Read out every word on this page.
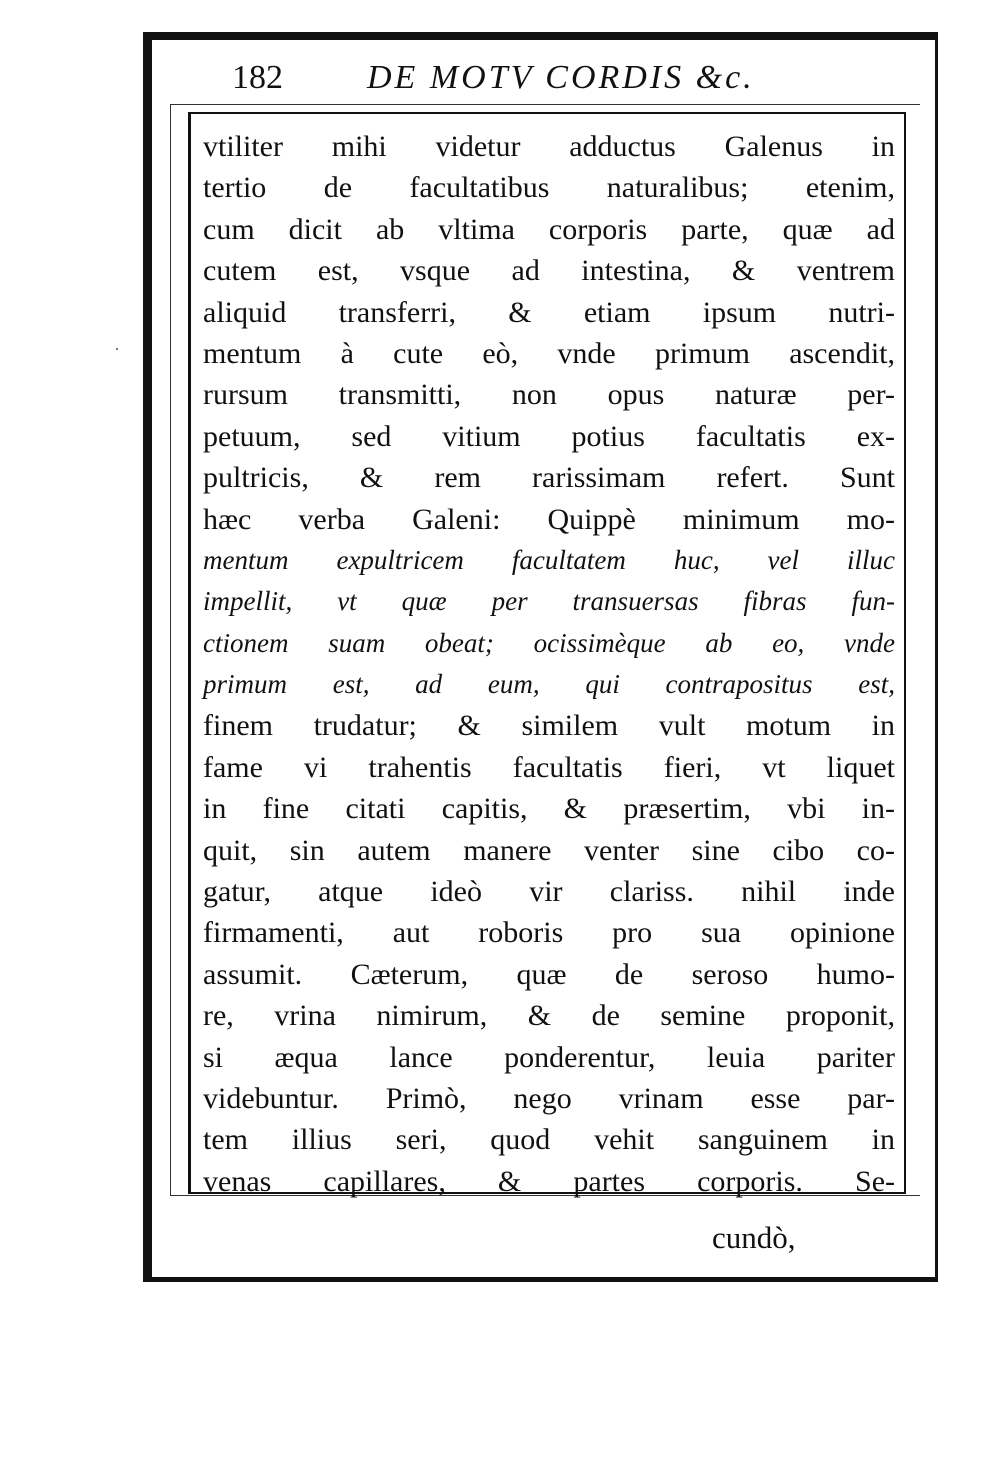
182 DE MOTV CORDIS &c.
vtiliter mihi videtur adductus Galenus in
tertio de facultatibus naturalibus; etenim,
cum dicit ab vltima corporis parte, quæ ad
cutem est, vsque ad intestina, & ventrem
aliquid transferri, & etiam ipsum nutri-
mentum à cute eò, vnde primum ascendit,
rursum transmitti, non opus naturæ per-
petuum, sed vitium potius facultatis ex-
pultricis, & rem rarissimam refert. Sunt
hæc verba Galeni: Quippè minimum mo-
mentum expultricem facultatem huc, vel illuc
impellit, vt quæ per transuersas fibras fun-
ctionem suam obeat; ocissimèque ab eo, vnde
primum est, ad eum, qui contrapositus est,
finem trudatur; & similem vult motum in
fame vi trahentis facultatis fieri, vt liquet
in fine citati capitis, & præsertim, vbi in-
quit, sin autem manere venter sine cibo co-
gatur, atque ideò vir clariss. nihil inde
firmamenti, aut roboris pro sua opinione
assumit. Cæterum, quæ de seroso humo-
re, vrina nimirum, & de semine proponit,
si æqua lance ponderentur, leuia pariter
videbuntur. Primò, nego vrinam esse par-
tem illius seri, quod vehit sanguinem in
venas capillares, & partes corporis. Se-
cundò,
